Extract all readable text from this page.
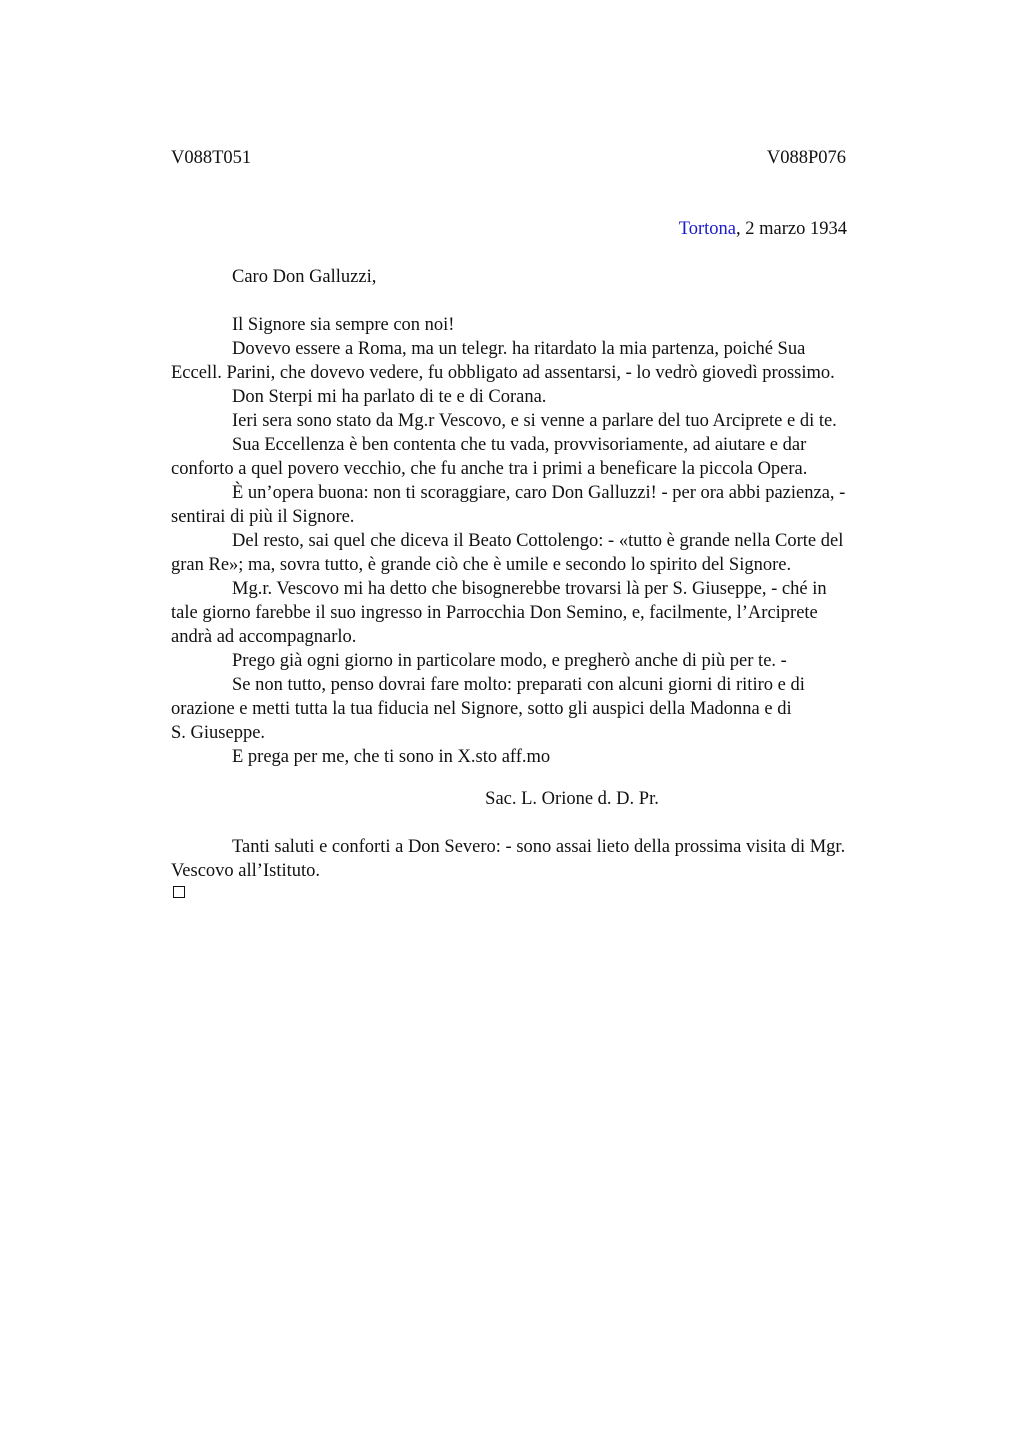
V088T051	V088P076
Tortona, 2 marzo 1934
Caro Don Galluzzi,

Il Signore sia sempre con noi!

Dovevo essere a Roma, ma un telegr. ha ritardato la mia partenza, poiché Sua

Eccell. Parini, che dovevo vedere, fu obbligato ad assentarsi, - lo vedrò giovedì prossimo.

Don Sterpi mi ha parlato di te e di Corana.

Ieri sera sono stato da Mg.r Vescovo, e si venne a parlare del tuo Arciprete e di te.

Sua Eccellenza è ben contenta che tu vada, provvisoriamente, ad aiutare e dar

conforto a quel povero vecchio, che fu anche tra i primi a beneficare la piccola Opera.

È un’opera buona: non ti scoraggiare, caro Don Galluzzi! - per ora abbi pazienza, -

sentirai di più il Signore.

Del resto, sai quel che diceva il Beato Cottolengo: - «tutto è grande nella Corte del

gran Re»; ma, sovra tutto, è grande ciò che è umile e secondo lo spirito del Signore.

Mg.r. Vescovo mi ha detto che bisognerebbe trovarsi là per S. Giuseppe, - ché in

tale giorno farebbe il suo ingresso in Parrocchia Don Semino, e, facilmente, l’Arciprete

andrà ad accompagnarlo.

Prego già ogni giorno in particolare modo, e pregherò anche di più per te. -

Se non tutto, penso dovrai fare molto: preparati con alcuni giorni di ritiro e di

orazione e metti tutta la tua fiducia nel Signore, sotto gli auspici della Madonna e di

S. Giuseppe.

E prega per me, che ti sono in X.sto aff.mo

Sac. L. Orione d. D. Pr.

Tanti saluti e conforti a Don Severo: - sono assai lieto della prossima visita di Mgr.

Vescovo all’Istituto.
